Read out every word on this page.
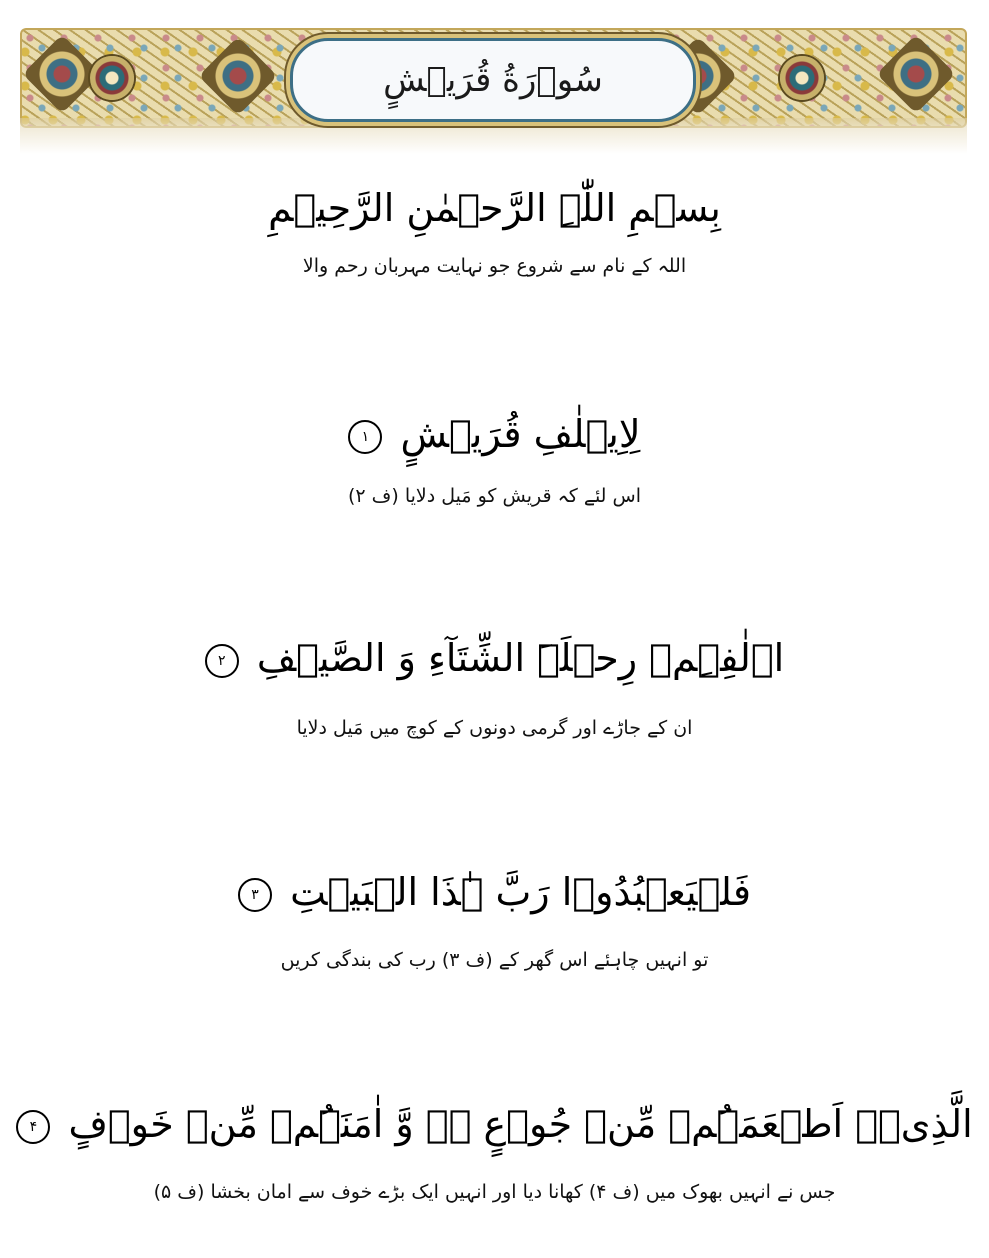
سُوۡرَةُ قُرَیۡشٍ
بِسۡمِ اللّٰہِ الرَّحۡمٰنِ الرَّحِیۡمِ
اللہ کے نام سے شروع جو نہایت مہربان رحم والا
لِاِیۡلٰفِ قُرَیۡشٍ ۱
اس لئے کہ قریش کو مَیل دلایا (ف ۲)
اٖلٰفِہِمۡ رِحۡلَۃَ الشِّتَآءِ وَ الصَّیۡفِ ۲
ان کے جاڑے اور گرمی دونوں کے کوچ میں مَیل دلایا
فَلۡیَعۡبُدُوۡا رَبَّ ہٰذَا الۡبَیۡتِ ۳
تو انہیں چاہئے اس گھر کے (ف ۳) رب کی بندگی کریں
الَّذِیۡۤ اَطۡعَمَہُمۡ مِّنۡ جُوۡعٍ ۬ۙ وَّ اٰمَنَہُمۡ مِّنۡ خَوۡفٍ ۴
جس نے انہیں بھوک میں (ف ۴) کھانا دیا اور انہیں ایک بڑے خوف سے امان بخشا (ف ۵)
